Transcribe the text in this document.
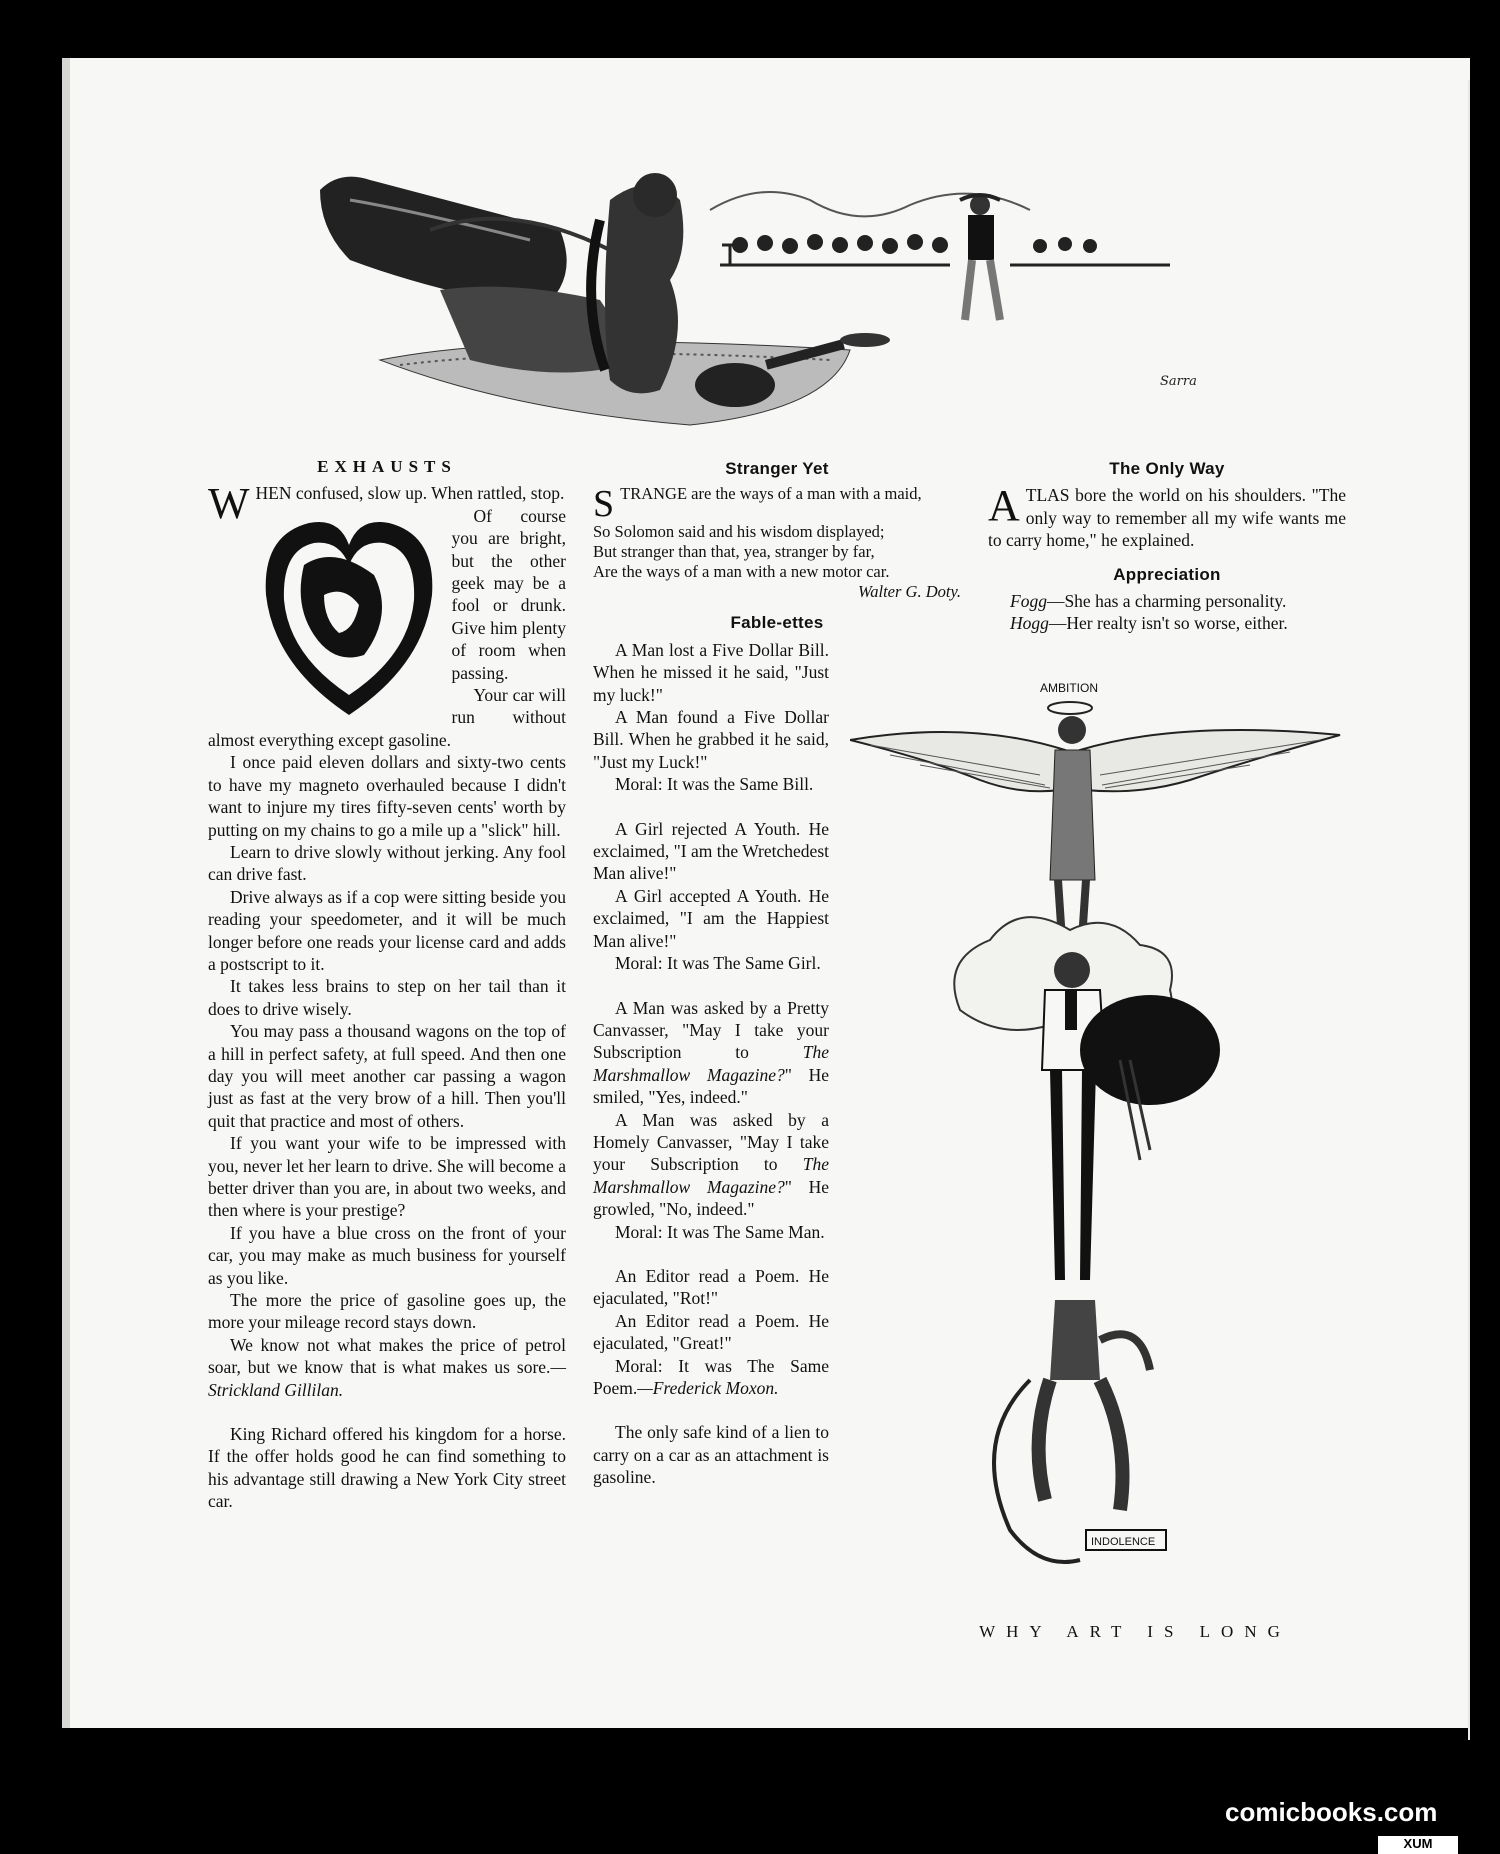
Sarra
EXHAUSTS

WHEN confused, slow up. When rattled, stop.

Of course you are bright, but the other geek may be a fool or drunk. Give him plenty of room when passing.

Your car will run without almost everything except gasoline.

I once paid eleven dollars and sixty-two cents to have my magneto overhauled because I didn't want to injure my tires fifty-seven cents' worth by putting on my chains to go a mile up a "slick" hill.

Learn to drive slowly without jerking. Any fool can drive fast.

Drive always as if a cop were sitting beside you reading your speedometer, and it will be much longer before one reads your license card and adds a postscript to it.

It takes less brains to step on her tail than it does to drive wisely.

You may pass a thousand wagons on the top of a hill in perfect safety, at full speed. And then one day you will meet another car passing a wagon just as fast at the very brow of a hill. Then you'll quit that practice and most of others.

If you want your wife to be impressed with you, never let her learn to drive. She will become a better driver than you are, in about two weeks, and then where is your prestige?

If you have a blue cross on the front of your car, you may make as much business for yourself as you like.

The more the price of gasoline goes up, the more your mileage record stays down.

We know not what makes the price of petrol soar, but we know that is what makes us sore.—Strickland Gillilan.

King Richard offered his kingdom for a horse. If the offer holds good he can find something to his advantage still drawing a New York City street car.

Stranger Yet

STRANGE are the ways of a man with a maid,

So Solomon said and his wisdom displayed;

But stranger than that, yea, stranger by far,

Are the ways of a man with a new motor car.

Walter G. Doty.

Fable-ettes

A Man lost a Five Dollar Bill. When he missed it he said, "Just my luck!"

A Man found a Five Dollar Bill. When he grabbed it he said, "Just my Luck!"

Moral: It was the Same Bill.

A Girl rejected A Youth. He exclaimed, "I am the Wretchedest Man alive!"

A Girl accepted A Youth. He exclaimed, "I am the Happiest Man alive!"

Moral: It was The Same Girl.

A Man was asked by a Pretty Canvasser, "May I take your Subscription to The Marshmallow Magazine?" He smiled, "Yes, indeed."

A Man was asked by a Homely Canvasser, "May I take your Subscription to The Marshmallow Magazine?" He growled, "No, indeed."

Moral: It was The Same Man.

An Editor read a Poem. He ejaculated, "Rot!"

An Editor read a Poem. He ejaculated, "Great!"

Moral: It was The Same Poem.—Frederick Moxon.

The only safe kind of a lien to carry on a car as an attachment is gasoline.

The Only Way

ATLAS bore the world on his shoulders. "The only way to remember all my wife wants me to carry home," he explained.

Appreciation

Fogg—She has a charming personality.

Hogg—Her realty isn't so worse, either.

AMBITION
INDOLENCE
WHY ART IS LONG
comicbooks.com
XUM
